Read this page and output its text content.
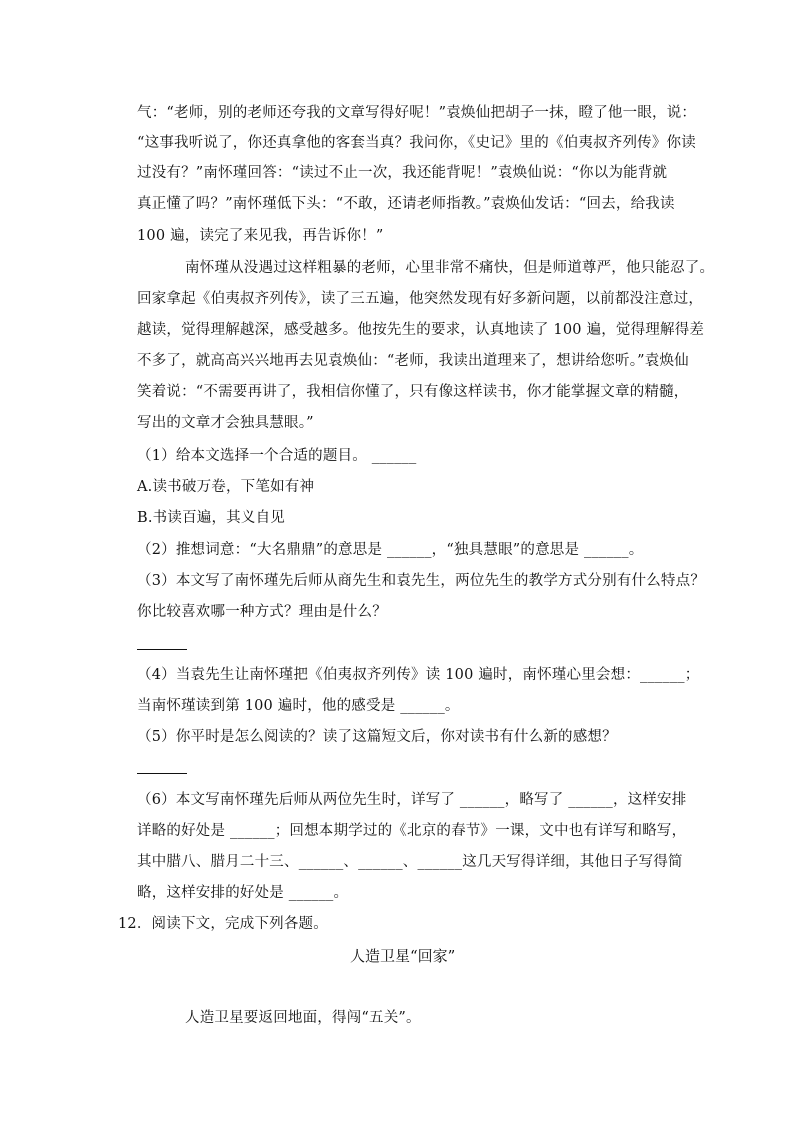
气：“老师，别的老师还夸我的文章写得好呢！”袁焕仙把胡子一抹，瞪了他一眼，说：
“这事我听说了，你还真拿他的客套当真？我问你，《史记》里的《伯夷叔齐列传》你读
过没有？”南怀瑾回答：“读过不止一次，我还能背呢！”袁焕仙说：“你以为能背就
真正懂了吗？”南怀瑾低下头：“不敢，还请老师指教。”袁焕仙发话：“回去，给我读
100 遍，读完了来见我，再告诉你！”
南怀瑾从没遇过这样粗暴的老师，心里非常不痛快，但是师道尊严，他只能忍了。
回家拿起《伯夷叔齐列传》，读了三五遍，他突然发现有好多新问题，以前都没注意过，
越读，觉得理解越深，感受越多。他按先生的要求，认真地读了 100 遍，觉得理解得差
不多了，就高高兴兴地再去见袁焕仙：“老师，我读出道理来了，想讲给您听。”袁焕仙
笑着说：“不需要再讲了，我相信你懂了，只有像这样读书，你才能掌握文章的精髓，
写出的文章才会独具慧眼。”
（1）给本文选择一个合适的题目。 ______
A.读书破万卷，下笔如有神
B.书读百遍，其义自见
（2）推想词意：“大名鼎鼎”的意思是 ______，“独具慧眼”的意思是 ______。
（3）本文写了南怀瑾先后师从商先生和袁先生，两位先生的教学方式分别有什么特点？
你比较喜欢哪一种方式？理由是什么？
（4）当袁先生让南怀瑾把《伯夷叔齐列传》读 100 遍时，南怀瑾心里会想：______；
当南怀瑾读到第 100 遍时，他的感受是 ______。
（5）你平时是怎么阅读的？读了这篇短文后，你对读书有什么新的感想？
（6）本文写南怀瑾先后师从两位先生时，详写了 ______，略写了 ______，这样安排
详略的好处是 ______；回想本期学过的《北京的春节》一课，文中也有详写和略写，
其中腊八、腊月二十三、______、______、______这几天写得详细，其他日子写得简
略，这样安排的好处是 ______。
12．阅读下文，完成下列各题。
人造卫星“回家”
人造卫星要返回地面，得闯“五关”。
